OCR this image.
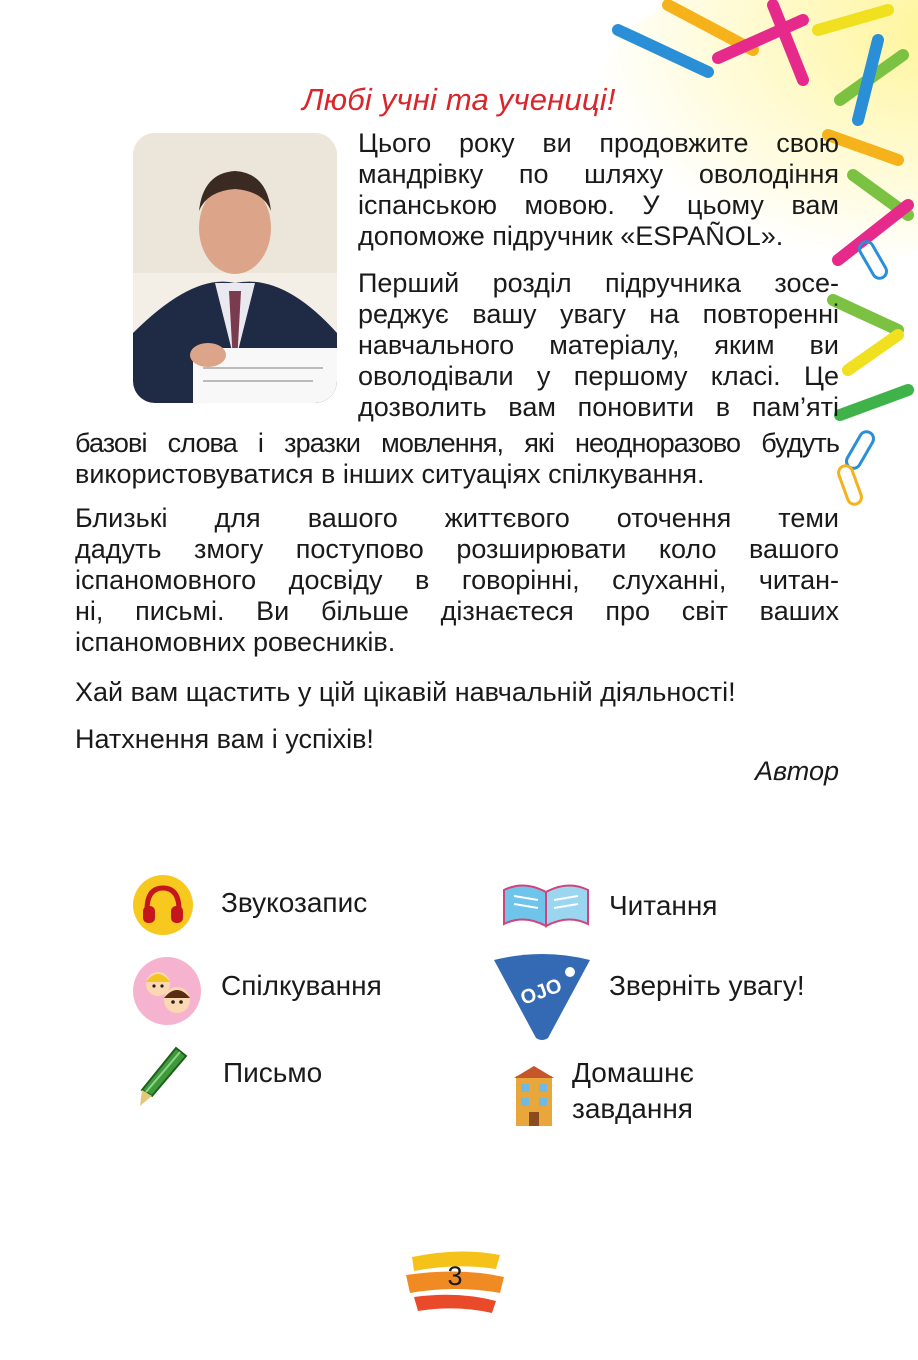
Любі учні та учениці!
Цього року ви продовжите свою
мандрівку по шляху оволодіння
іспанською мовою. У цьому вам
допоможе підручник «ESPAÑOL».
Перший розділ підручника зосе-
реджує вашу увагу на повторенні
навчального матеріалу, яким ви
оволодівали у першому класі. Це
дозволить вам поновити в пам’яті
базові слова і зразки мовлення, які неодноразово будуть
використовуватися в інших ситуаціях спілкування.
Близькі для вашого життєвого оточення теми
дадуть змогу поступово розширювати коло вашого
іспаномовного досвіду в говорінні, слуханні, читан-
ні, письмі. Ви більше дізнаєтеся про світ ваших
іспаномовних ровесників.
Хай вам щастить у цій цікавій навчальній діяльності!
Натхнення вам і успіхів!
Автор
Звукозапис	Читання
Спілкування	OJO Зверніть увагу!
Письмо	Домашнє
завдання
3
